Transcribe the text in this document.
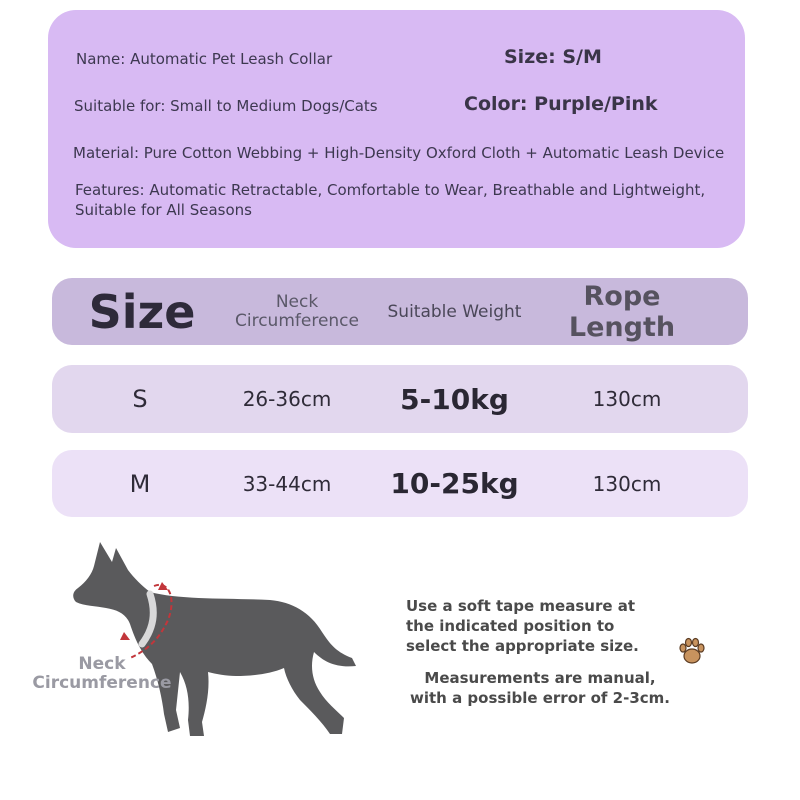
Name: Automatic Pet Leash Collar	Size: S/M
Suitable for: Small to Medium Dogs/Cats	Color: Purple/Pink
Material: Pure Cotton Webbing + High-Density Oxford Cloth + Automatic Leash Device
Features: Automatic Retractable, Comfortable to Wear, Breathable and Lightweight, Suitable for All Seasons
Size	Neck Circumference	Suitable Weight	Rope Length
S	26-36cm	5-10kg	130cm
M	33-44cm	10-25kg	130cm
Neck Circumference
Use a soft tape measure at the indicated position to select the appropriate size.
Measurements are manual, with a possible error of 2-3cm.
